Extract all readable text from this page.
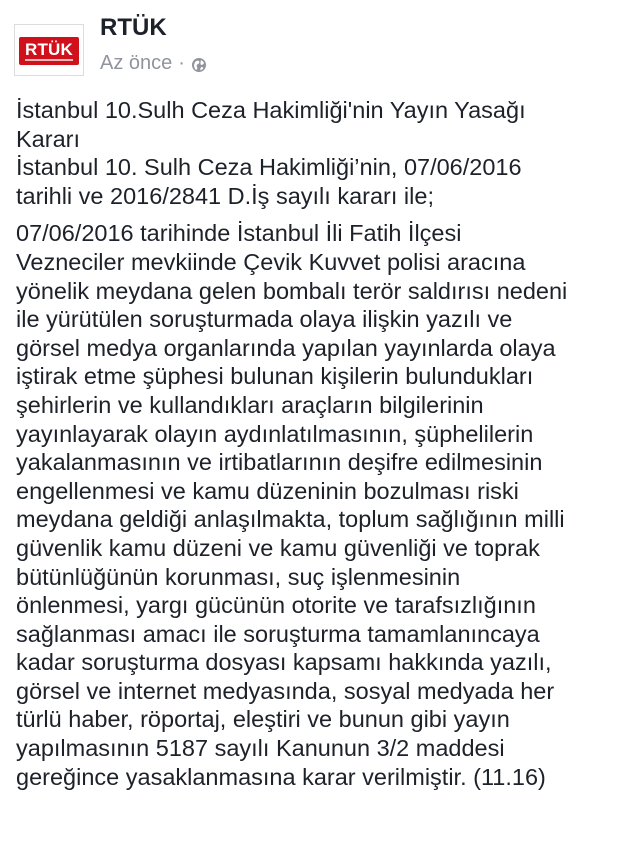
RTÜK
RTÜK
Az önce ·

İstanbul 10.Sulh Ceza Hakimliği'nin Yayın Yasağı

Kararı

İstanbul 10. Sulh Ceza Hakimliği’nin, 07/06/2016

tarihli ve 2016/2841 D.İş sayılı kararı ile;

07/06/2016 tarihinde İstanbul İli Fatih İlçesi

Vezneciler mevkiinde Çevik Kuvvet polisi aracına

yönelik meydana gelen bombalı terör saldırısı nedeni

ile yürütülen soruşturmada olaya ilişkin yazılı ve

görsel medya organlarında yapılan yayınlarda olaya

iştirak etme şüphesi bulunan kişilerin bulundukları

şehirlerin ve kullandıkları araçların bilgilerinin

yayınlayarak olayın aydınlatılmasının, şüphelilerin

yakalanmasının ve irtibatlarının deşifre edilmesinin

engellenmesi ve kamu düzeninin bozulması riski

meydana geldiği anlaşılmakta, toplum sağlığının milli

güvenlik kamu düzeni ve kamu güvenliği ve toprak

bütünlüğünün korunması, suç işlenmesinin

önlenmesi, yargı gücünün otorite ve tarafsızlığının

sağlanması amacı ile soruşturma tamamlanıncaya

kadar soruşturma dosyası kapsamı hakkında yazılı,

görsel ve internet medyasında, sosyal medyada her

türlü haber, röportaj, eleştiri ve bunun gibi yayın

yapılmasının 5187 sayılı Kanunun 3/2 maddesi

gereğince yasaklanmasına karar verilmiştir. (11.16)
